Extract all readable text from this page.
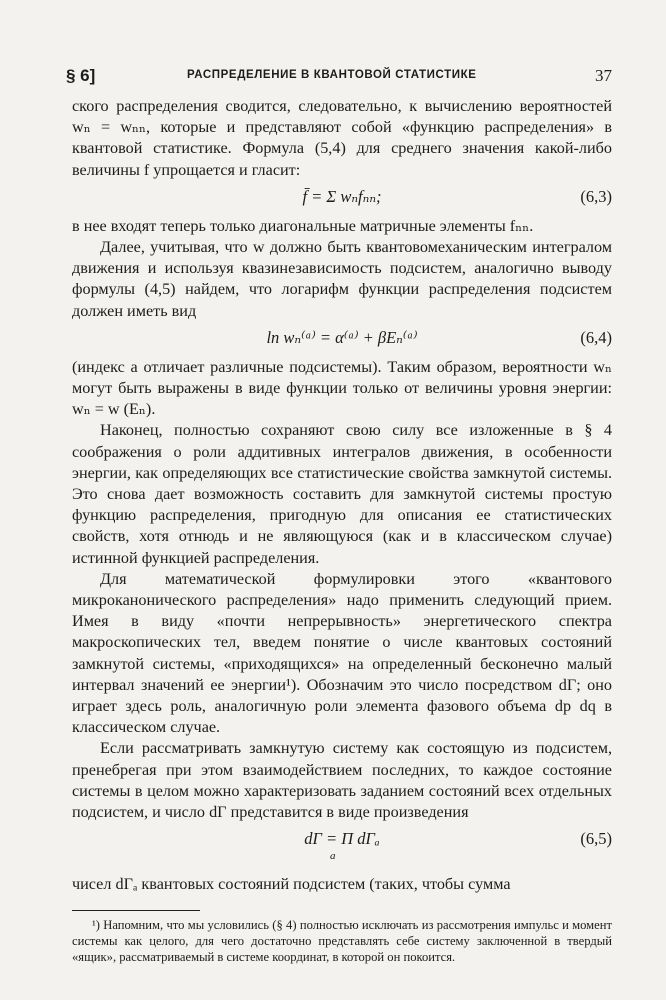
§ 6]	РАСПРЕДЕЛЕНИЕ В КВАНТОВОЙ СТАТИСТИКЕ	37

ского распределения сводится, следовательно, к вычислению вероятностей wₙ = wₙₙ, которые и представляют собой «функцию распределения» в квантовой статистике. Формула (5,4) для среднего значения какой-либо величины f упрощается и гласит:

f̄ = Σ wₙfₙₙ;	(6,3)

в нее входят теперь только диагональные матричные элементы fₙₙ.

Далее, учитывая, что w должно быть квантовомеханическим интегралом движения и используя квазинезависимость подсистем, аналогично выводу формулы (4,5) найдем, что логарифм функции распределения подсистем должен иметь вид

ln wₙ⁽ᵃ⁾ = α⁽ᵃ⁾ + βEₙ⁽ᵃ⁾	(6,4)

(индекс a отличает различные подсистемы). Таким образом, вероятности wₙ могут быть выражены в виде функции только от величины уровня энергии: wₙ = w (Eₙ).

Наконец, полностью сохраняют свою силу все изложенные в § 4 соображения о роли аддитивных интегралов движения, в особенности энергии, как определяющих все статистические свойства замкнутой системы. Это снова дает возможность составить для замкнутой системы простую функцию распределения, пригодную для описания ее статистических свойств, хотя отнюдь и не являющуюся (как и в классическом случае) истинной функцией распределения.

Для математической формулировки этого «квантового микроканонического распределения» надо применить следующий прием. Имея в виду «почти непрерывность» энергетического спектра макроскопических тел, введем понятие о числе квантовых состояний замкнутой системы, «приходящихся» на определенный бесконечно малый интервал значений ее энергии¹). Обозначим это число посредством dΓ; оно играет здесь роль, аналогичную роли элемента фазового объема dp dq в классическом случае.

Если рассматривать замкнутую систему как состоящую из подсистем, пренебрегая при этом взаимодействием последних, то каждое состояние системы в целом можно характеризовать заданием состояний всех отдельных подсистем, и число dΓ представится в виде произведения

dΓ = Π dΓₐ
a
(6,5)

чисел dΓₐ квантовых состояний подсистем (таких, чтобы сумма

¹) Напомним, что мы условились (§ 4) полностью исключать из рассмотрения импульс и момент системы как целого, для чего достаточно представлять себе систему заключенной в твердый «ящик», рассматриваемый в системе координат, в которой он покоится.
